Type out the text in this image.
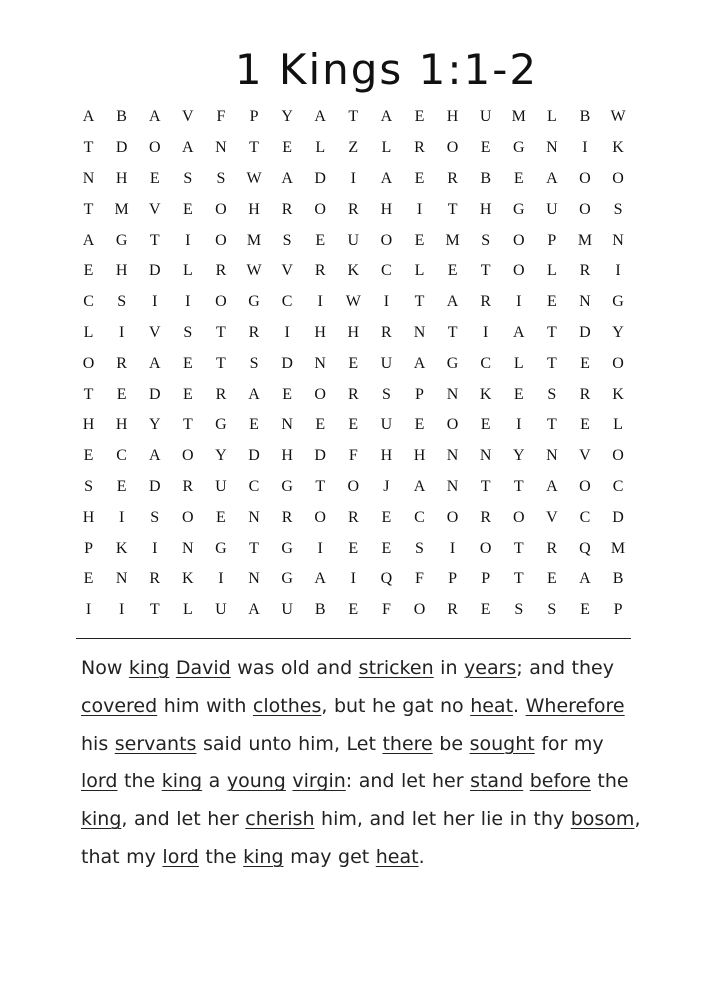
1 Kings 1:1-2
A	B	A	V	F	P	Y	A	T	A	E	H	U	M	L	B	W
T	D	O	A	N	T	E	L	Z	L	R	O	E	G	N	I	K
N	H	E	S	S	W	A	D	I	A	E	R	B	E	A	O	O
T	M	V	E	O	H	R	O	R	H	I	T	H	G	U	O	S
A	G	T	I	O	M	S	E	U	O	E	M	S	O	P	M	N
E	H	D	L	R	W	V	R	K	C	L	E	T	O	L	R	I
C	S	I	I	O	G	C	I	W	I	T	A	R	I	E	N	G
L	I	V	S	T	R	I	H	H	R	N	T	I	A	T	D	Y
O	R	A	E	T	S	D	N	E	U	A	G	C	L	T	E	O
T	E	D	E	R	A	E	O	R	S	P	N	K	E	S	R	K
H	H	Y	T	G	E	N	E	E	U	E	O	E	I	T	E	L
E	C	A	O	Y	D	H	D	F	H	H	N	N	Y	N	V	O
S	E	D	R	U	C	G	T	O	J	A	N	T	T	A	O	C
H	I	S	O	E	N	R	O	R	E	C	O	R	O	V	C	D
P	K	I	N	G	T	G	I	E	E	S	I	O	T	R	Q	M
E	N	R	K	I	N	G	A	I	Q	F	P	P	T	E	A	B
I	I	T	L	U	A	U	B	E	F	O	R	E	S	S	E	P

Now king David was old and stricken in years; and they covered him with clothes, but he gat no heat. Wherefore his servants said unto him, Let there be sought for my lord the king a young virgin: and let her stand before the king, and let her cherish him, and let her lie in thy bosom, that my lord the king may get heat.
